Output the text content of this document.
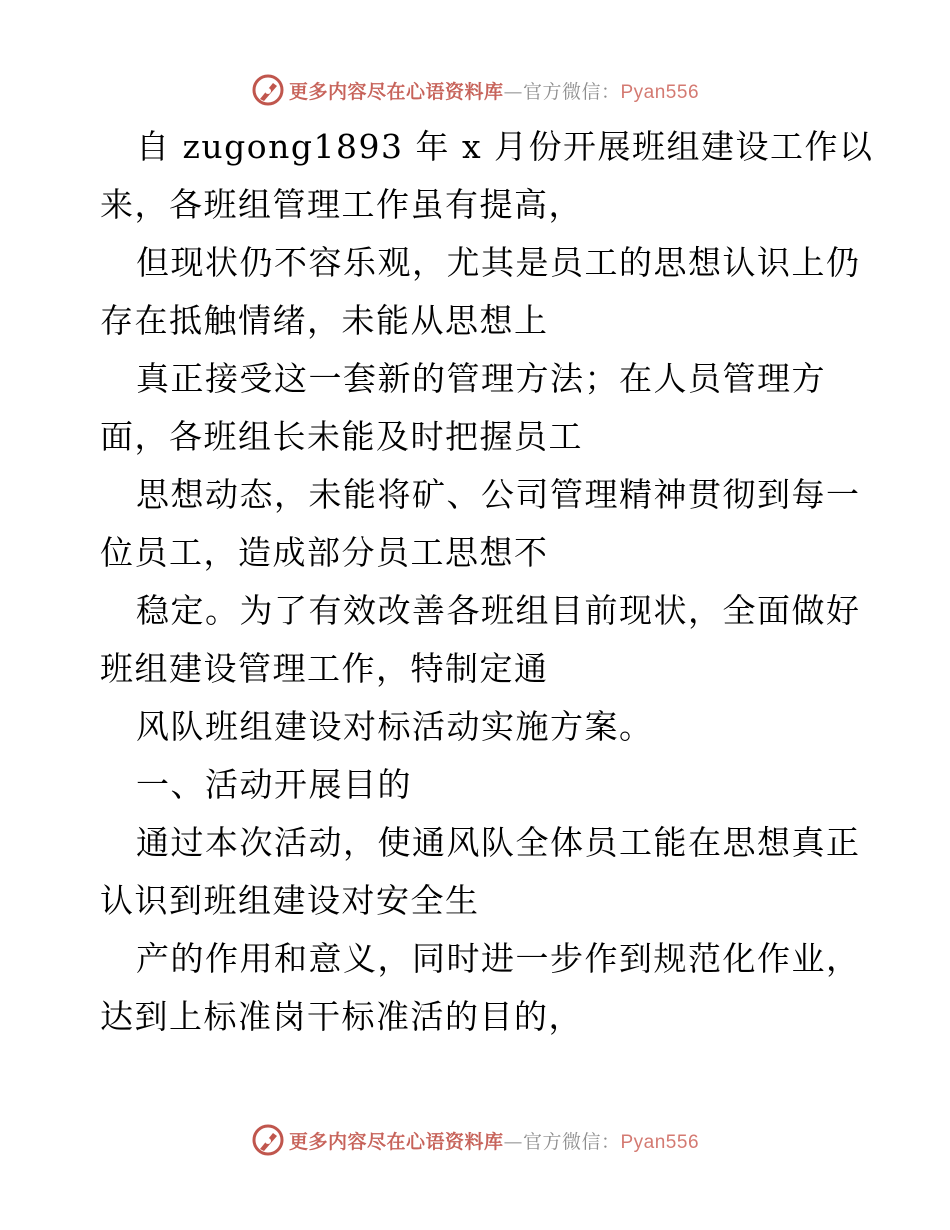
更多内容尽在心语资料库—官方微信：Pyan556
自 zugong1893 年 x 月份开展班组建设工作以
来，各班组管理工作虽有提高，
但现状仍不容乐观，尤其是员工的思想认识上仍
存在抵触情绪，未能从思想上
真正接受这一套新的管理方法；在人员管理方
面，各班组长未能及时把握员工
思想动态，未能将矿、公司管理精神贯彻到每一
位员工，造成部分员工思想不
稳定。为了有效改善各班组目前现状，全面做好
班组建设管理工作，特制定通
风队班组建设对标活动实施方案。
一、活动开展目的
通过本次活动，使通风队全体员工能在思想真正
认识到班组建设对安全生
产的作用和意义，同时进一步作到规范化作业，
达到上标准岗干标准活的目的，
更多内容尽在心语资料库—官方微信：Pyan556
